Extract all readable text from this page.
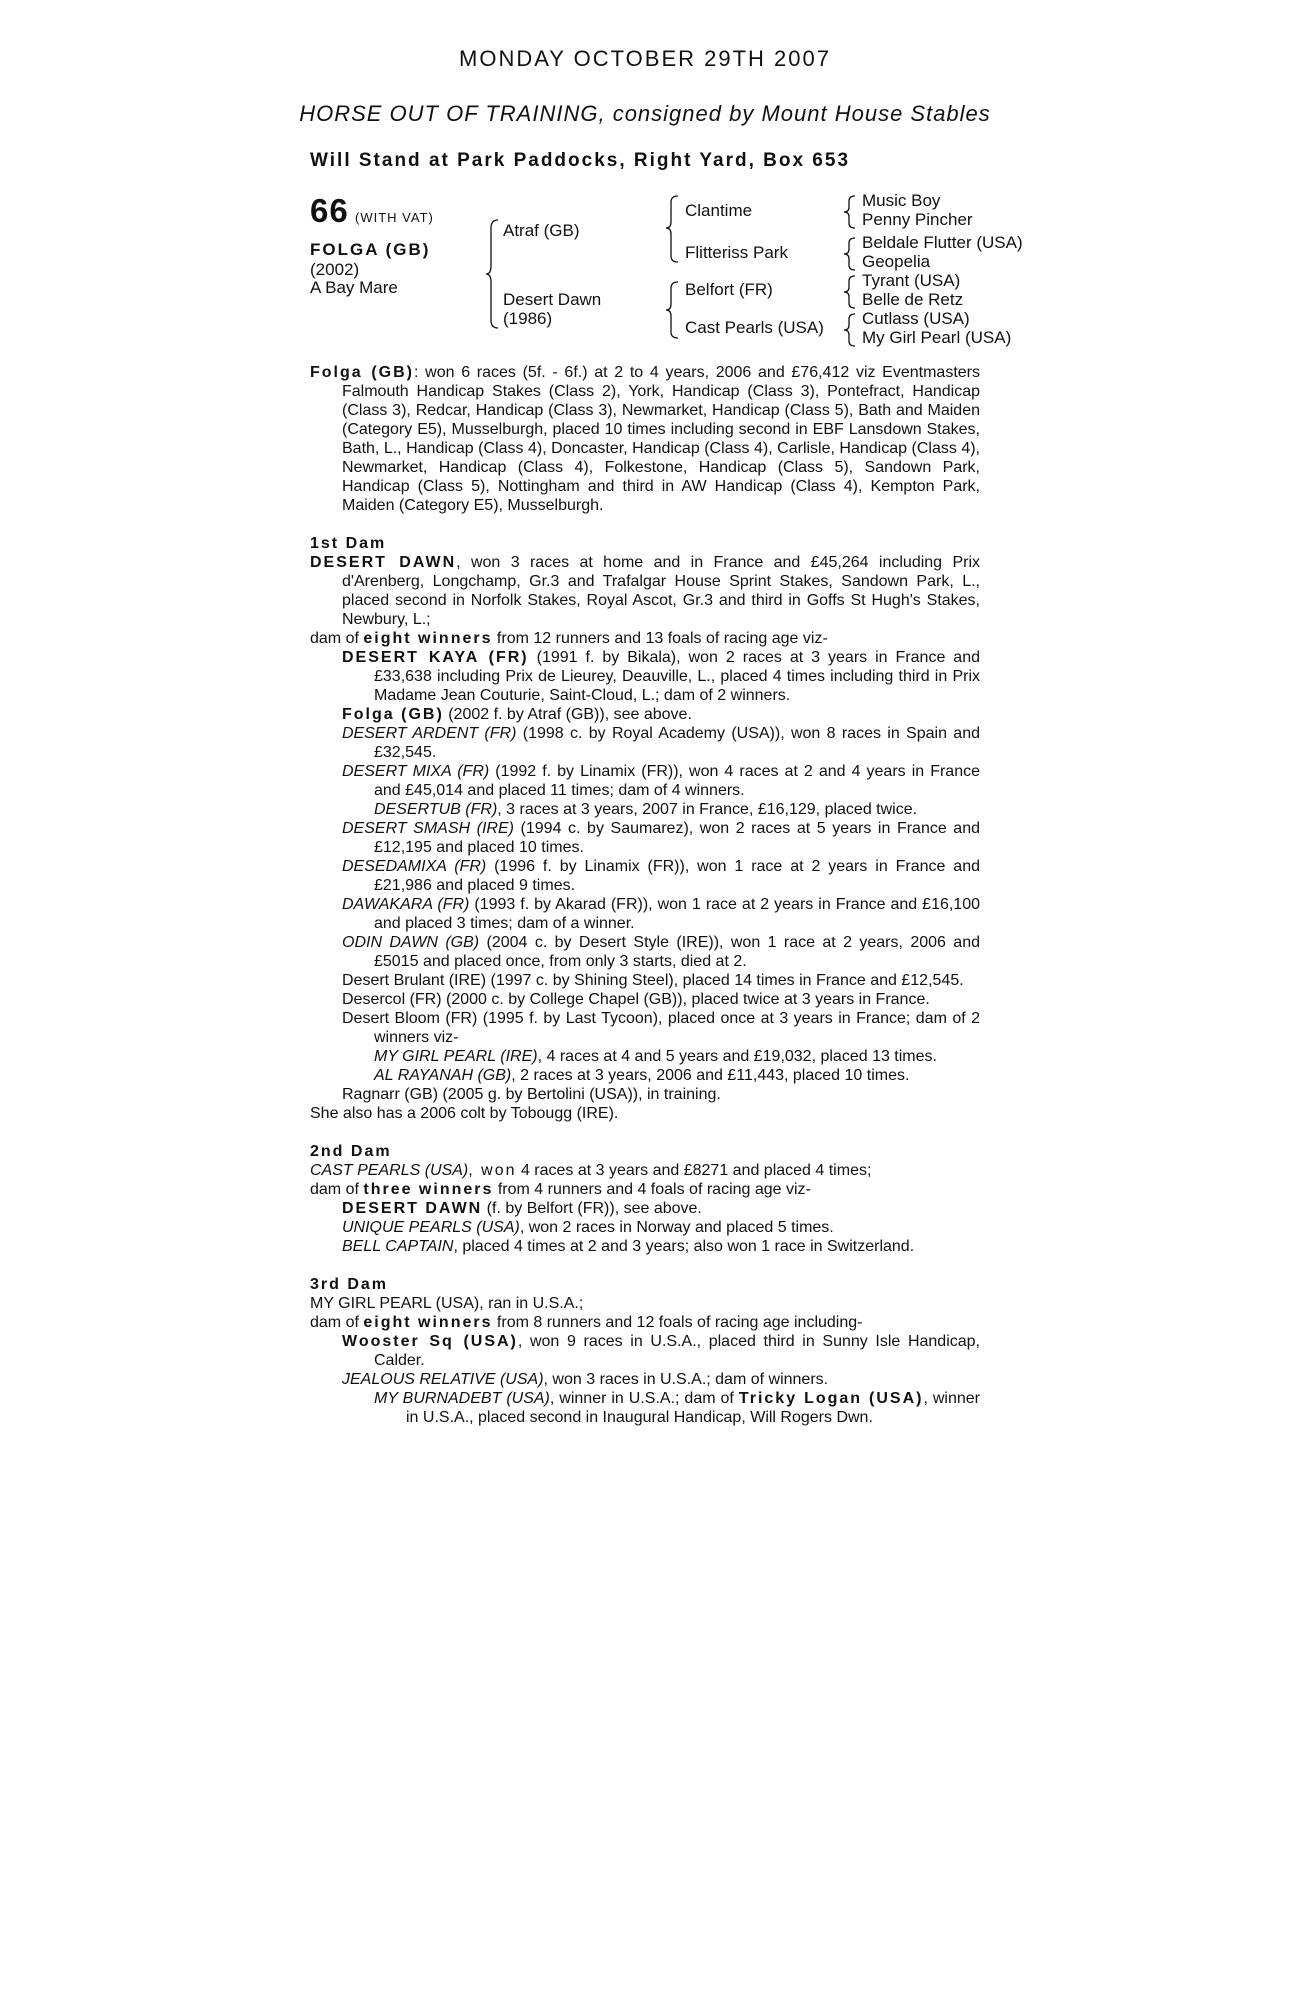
MONDAY OCTOBER 29TH 2007
HORSE OUT OF TRAINING, consigned by Mount House Stables
Will Stand at Park Paddocks, Right Yard, Box 653
66 (WITH VAT)
FOLGA (GB)
(2002)
A Bay Mare
Atraf (GB)
Desert Dawn
(1986)
Clantime
Flitteriss Park
Belfort (FR)
Cast Pearls (USA)
Music Boy
Penny Pincher
Beldale Flutter (USA)
Geopelia
Tyrant (USA)
Belle de Retz
Cutlass (USA)
My Girl Pearl (USA)

Folga (GB): won 6 races (5f. - 6f.) at 2 to 4 years, 2006 and £76,412 viz Eventmasters Falmouth Handicap Stakes (Class 2), York, Handicap (Class 3), Pontefract, Handicap (Class 3), Redcar, Handicap (Class 3), Newmarket, Handicap (Class 5), Bath and Maiden (Category E5), Musselburgh, placed 10 times including second in EBF Lansdown Stakes, Bath, L., Handicap (Class 4), Doncaster, Handicap (Class 4), Carlisle, Handicap (Class 4), Newmarket, Handicap (Class 4), Folkestone, Handicap (Class 5), Sandown Park, Handicap (Class 5), Nottingham and third in AW Handicap (Class 4), Kempton Park, Maiden (Category E5), Musselburgh.

1st Dam

DESERT DAWN, won 3 races at home and in France and £45,264 including Prix d'Arenberg, Longchamp, Gr.3 and Trafalgar House Sprint Stakes, Sandown Park, L., placed second in Norfolk Stakes, Royal Ascot, Gr.3 and third in Goffs St Hugh's Stakes, Newbury, L.;

dam of eight winners from 12 runners and 13 foals of racing age viz-

DESERT KAYA (FR) (1991 f. by Bikala), won 2 races at 3 years in France and £33,638 including Prix de Lieurey, Deauville, L., placed 4 times including third in Prix Madame Jean Couturie, Saint-Cloud, L.; dam of 2 winners.

Folga (GB) (2002 f. by Atraf (GB)), see above.

DESERT ARDENT (FR) (1998 c. by Royal Academy (USA)), won 8 races in Spain and £32,545.

DESERT MIXA (FR) (1992 f. by Linamix (FR)), won 4 races at 2 and 4 years in France and £45,014 and placed 11 times; dam of 4 winners.

DESERTUB (FR), 3 races at 3 years, 2007 in France, £16,129, placed twice.

DESERT SMASH (IRE) (1994 c. by Saumarez), won 2 races at 5 years in France and £12,195 and placed 10 times.

DESEDAMIXA (FR) (1996 f. by Linamix (FR)), won 1 race at 2 years in France and £21,986 and placed 9 times.

DAWAKARA (FR) (1993 f. by Akarad (FR)), won 1 race at 2 years in France and £16,100 and placed 3 times; dam of a winner.

ODIN DAWN (GB) (2004 c. by Desert Style (IRE)), won 1 race at 2 years, 2006 and £5015 and placed once, from only 3 starts, died at 2.

Desert Brulant (IRE) (1997 c. by Shining Steel), placed 14 times in France and £12,545.

Desercol (FR) (2000 c. by College Chapel (GB)), placed twice at 3 years in France.

Desert Bloom (FR) (1995 f. by Last Tycoon), placed once at 3 years in France; dam of 2 winners viz-

MY GIRL PEARL (IRE), 4 races at 4 and 5 years and £19,032, placed 13 times.

AL RAYANAH (GB), 2 races at 3 years, 2006 and £11,443, placed 10 times.

Ragnarr (GB) (2005 g. by Bertolini (USA)), in training.

She also has a 2006 colt by Tobougg (IRE).

2nd Dam

CAST PEARLS (USA), won 4 races at 3 years and £8271 and placed 4 times;

dam of three winners from 4 runners and 4 foals of racing age viz-

DESERT DAWN (f. by Belfort (FR)), see above.

UNIQUE PEARLS (USA), won 2 races in Norway and placed 5 times.

BELL CAPTAIN, placed 4 times at 2 and 3 years; also won 1 race in Switzerland.

3rd Dam

MY GIRL PEARL (USA), ran in U.S.A.;

dam of eight winners from 8 runners and 12 foals of racing age including-

Wooster Sq (USA), won 9 races in U.S.A., placed third in Sunny Isle Handicap, Calder.

JEALOUS RELATIVE (USA), won 3 races in U.S.A.; dam of winners.

MY BURNADEBT (USA), winner in U.S.A.; dam of Tricky Logan (USA), winner in U.S.A., placed second in Inaugural Handicap, Will Rogers Dwn.
